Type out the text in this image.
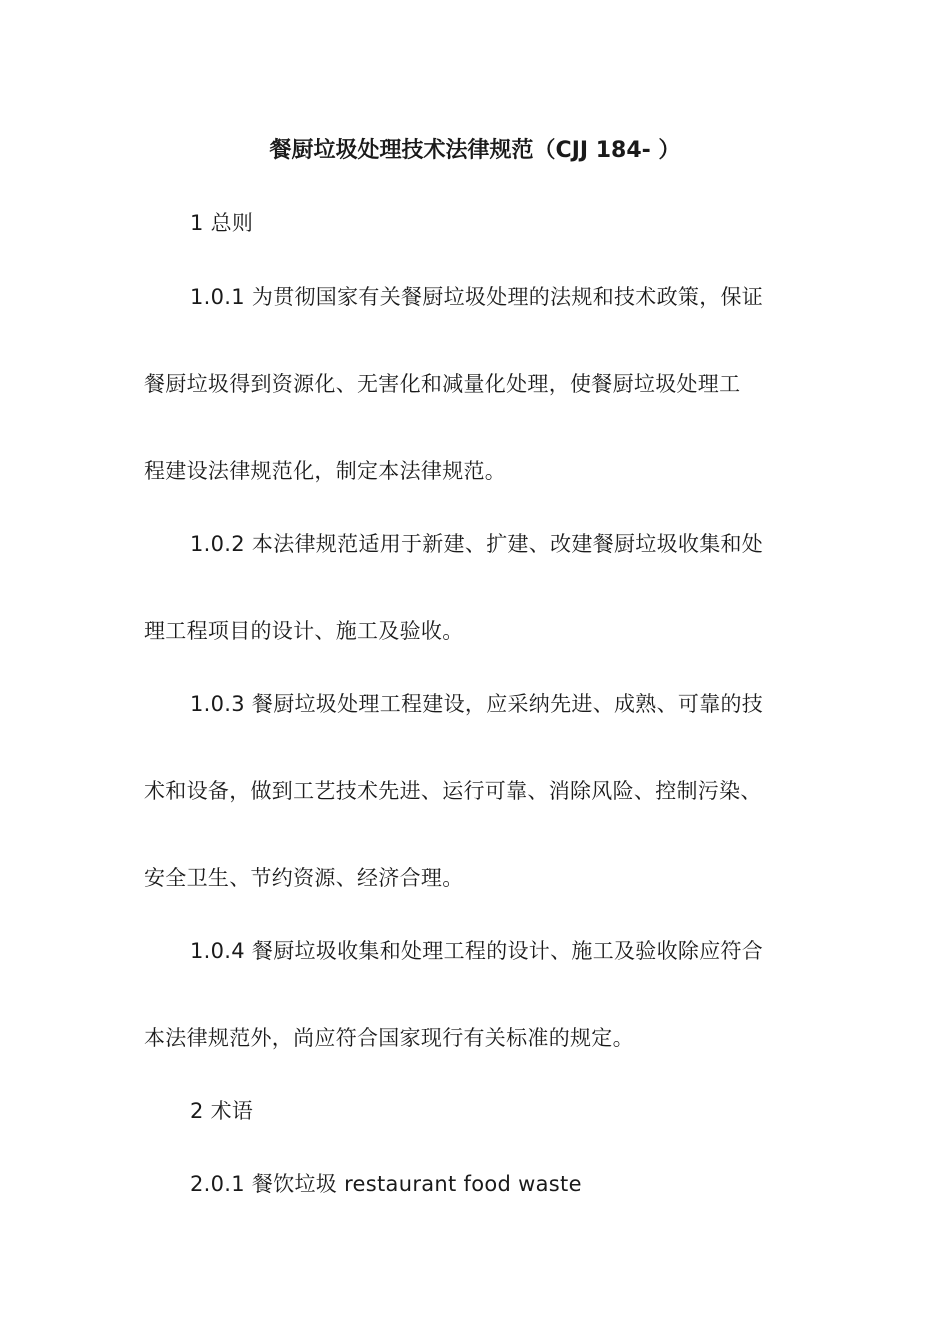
餐厨垃圾处理技术法律规范（CJJ 184- ）
1 总则
1.0.1 为贯彻国家有关餐厨垃圾处理的法规和技术政策，保证
餐厨垃圾得到资源化、无害化和减量化处理，使餐厨垃圾处理工
程建设法律规范化，制定本法律规范。
1.0.2 本法律规范适用于新建、扩建、改建餐厨垃圾收集和处
理工程项目的设计、施工及验收。
1.0.3 餐厨垃圾处理工程建设，应采纳先进、成熟、可靠的技
术和设备，做到工艺技术先进、运行可靠、消除风险、控制污染、
安全卫生、节约资源、经济合理。
1.0.4 餐厨垃圾收集和处理工程的设计、施工及验收除应符合
本法律规范外，尚应符合国家现行有关标准的规定。
2 术语
2.0.1 餐饮垃圾 restaurant food waste
